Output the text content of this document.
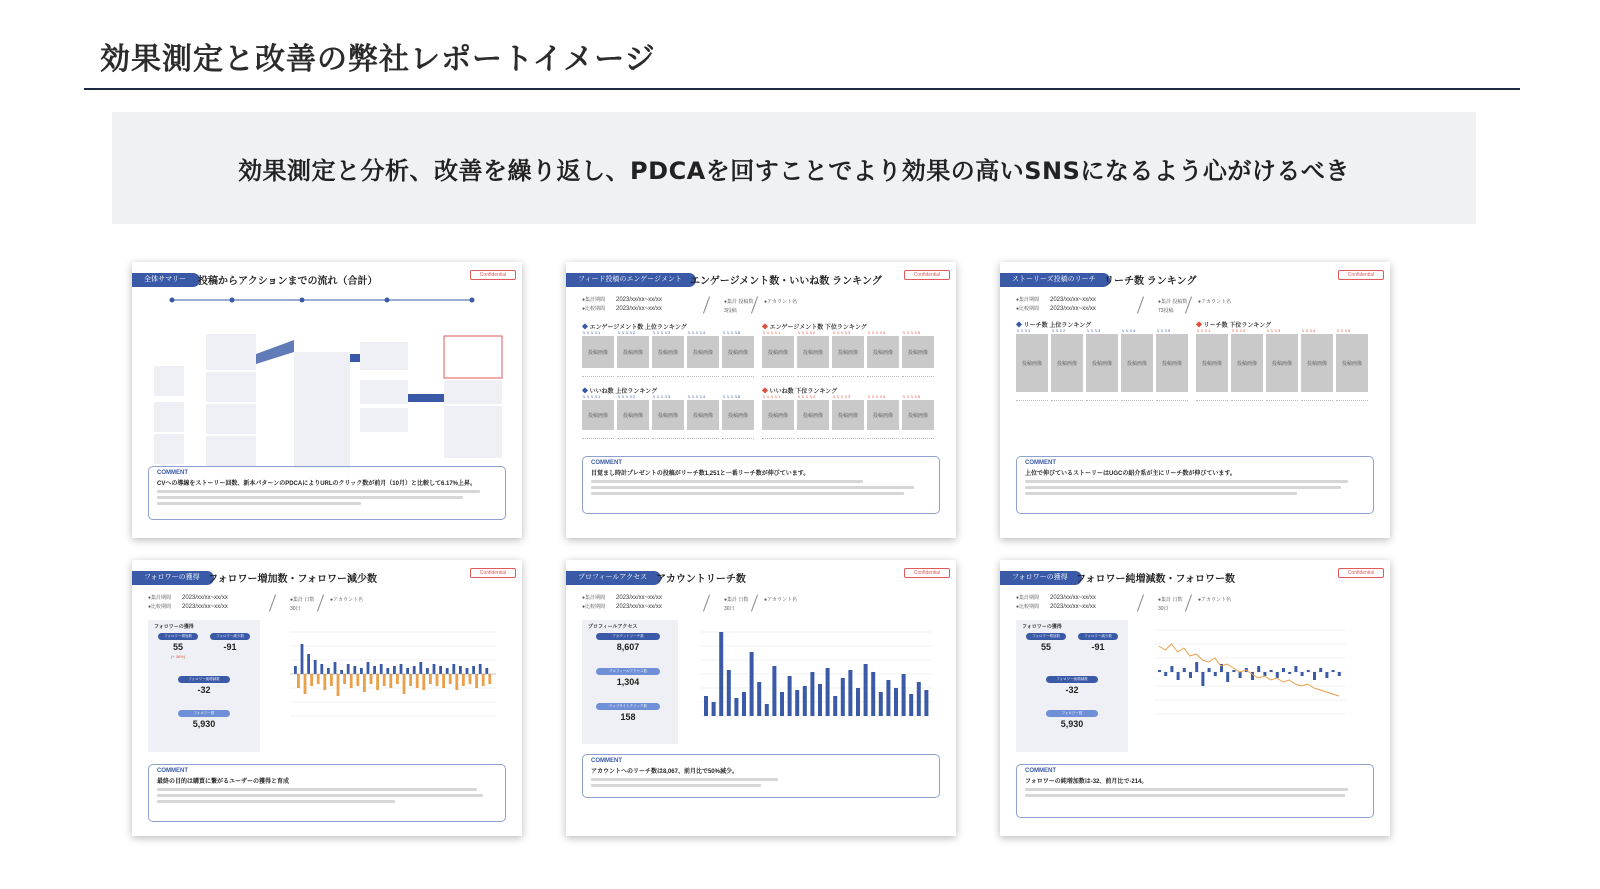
効果測定と改善の弊社レポートイメージ
効果測定と分析、改善を繰り返し、PDCAを回すことでより効果の高いSNSになるよう心がけるべき
全体サマリー	投稿からアクションまでの流れ（合計）
Confidential
COMMENT
CVへの導線をストーリー回数、新本パターンのPDCAによりURLのクリック数が前月（10月）と比較して6.17%上昇。
フィード投稿のエンゲージメント エンゲージメント数・いいね数 ランキング
Confidential
●集計期間 2023/xx/xx~xx/xx
●比較期間 2023/xx/xx~xx/xx
●集計 投稿数
3投稿
●アカウント名
◆ エンゲージメント数 上位ランキング	◆ エンゲージメント数 下位ランキング
ｘｘｘｘ1
投稿画像
ｘｘｘｘ2
投稿画像
ｘｘｘｘ3
投稿画像
ｘｘｘｘ4
投稿画像
ｘｘｘｘ5
投稿画像
ｘｘｘｘ1
投稿画像
ｘｘｘｘ2
投稿画像
ｘｘｘｘ3
投稿画像
ｘｘｘｘ4
投稿画像
ｘｘｘｘ5
投稿画像
◆ いいね数 上位ランキング	◆ いいね数 下位ランキング
ｘｘｘｘ1
投稿画像
ｘｘｘｘ2
投稿画像
ｘｘｘｘ3
投稿画像
ｘｘｘｘ4
投稿画像
ｘｘｘｘ5
投稿画像
ｘｘｘｘ1
投稿画像
ｘｘｘｘ2
投稿画像
ｘｘｘｘ3
投稿画像
ｘｘｘｘ4
投稿画像
ｘｘｘｘ5
投稿画像
COMMENT
目覚まし時計プレゼントの投稿がリーチ数1,251と一番リーチ数が伸びています。
ストーリーズ投稿のリーチ リーチ数 ランキング
Confidential
●集計期間 2023/xx/xx~xx/xx
●比較期間 2023/xx/xx~xx/xx
●集計 投稿数
73投稿
●アカウント名
◆ リーチ数 上位ランキング	◆ リーチ数 下位ランキング
ｘｘｘ1
投稿画像
ｘｘｘ2
投稿画像
ｘｘｘ3
投稿画像
ｘｘｘ4
投稿画像
ｘｘｘ5
投稿画像
ｘｘｘ1
投稿画像
ｘｘｘ2
投稿画像
ｘｘｘ3
投稿画像
ｘｘｘ4
投稿画像
ｘｘｘ5
投稿画像
COMMENT
上位で伸びているストーリーはUGCの紹介系が主にリーチ数が伸びています。
フォロワーの獲得 フォロワー増加数・フォロワー減少数
Confidential
●集計期間 2023/xx/xx~xx/xx
●比較期間 2023/xx/xx~xx/xx
●集計 日数
30日
●アカウント名
フォロワーの獲得
フォロワー増加数	フォロワー減少数
55	-91
(+ 36%)
フォロワー純増減数
-32
フォロワー数
5,930
COMMENT
最終の目的は購買に繋がるユーザーの獲得と育成
プロフィールアクセス アカウントリーチ数
Confidential
●集計期間 2023/xx/xx~xx/xx
●比較期間 2023/xx/xx~xx/xx
●集計 日数
30日
●アカウント名
プロフィールアクセス
アカウントリーチ数
8,607
プロフィールアクセス数
1,304
ウェブサイトクリック数
158
COMMENT
アカウントへのリーチ数は8,067、前月比で50%減少。
フォロワーの獲得 フォロワー純増減数・フォロワー数
Confidential
●集計期間 2023/xx/xx~xx/xx
●比較期間 2023/xx/xx~xx/xx
●集計 日数
30日
●アカウント名
フォロワーの獲得
フォロワー増加数	フォロワー減少数
55	-91
フォロワー純増減数
-32
フォロワー数
5,930
COMMENT
フォロワーの純増加数は-32、前月比で-214。
